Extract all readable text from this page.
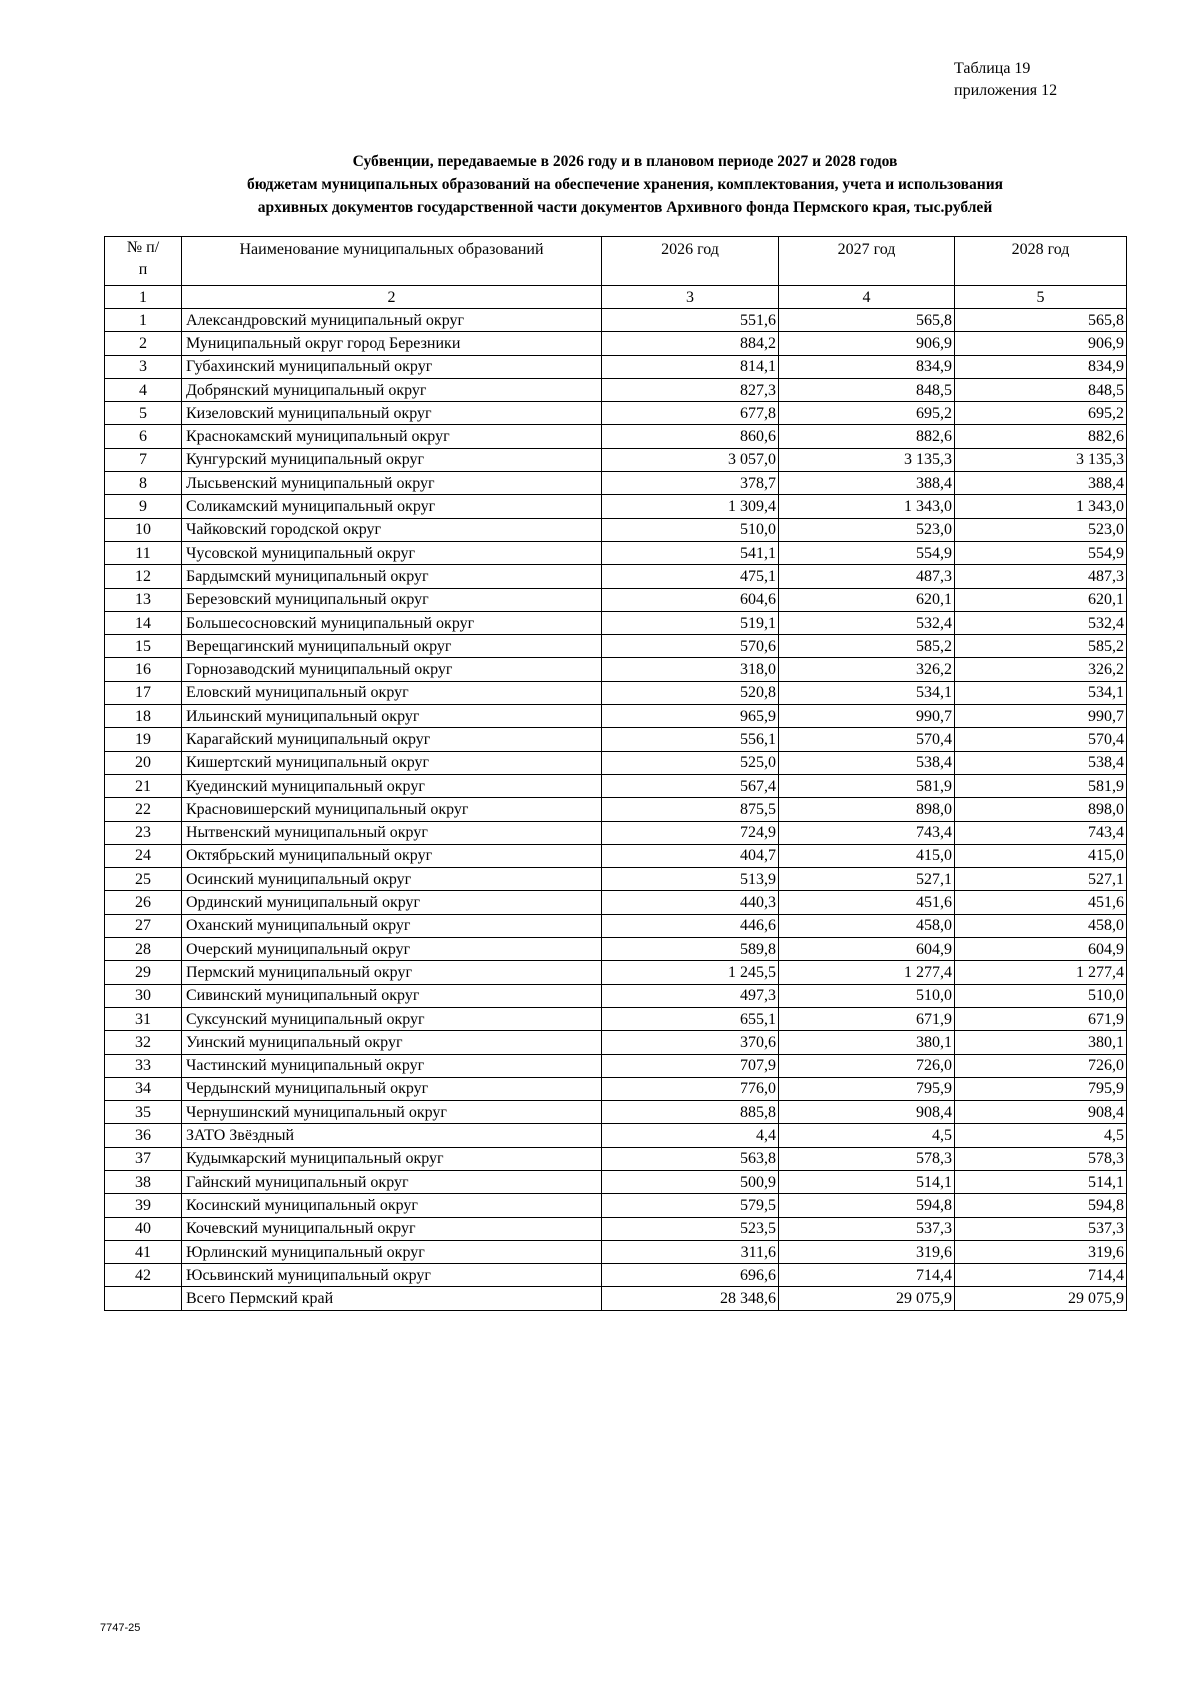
Таблица 19
приложения 12
Субвенции, передаваемые в 2026 году и в плановом периоде 2027 и 2028 годов
бюджетам муниципальных образований на обеспечение хранения, комплектования, учета и использования
архивных документов государственной части документов Архивного фонда Пермского края, тыс.рублей
№ п/п	Наименование муниципальных образований	2026 год	2027 год	2028 год
1	2	3	4	5
1	Александровский муниципальный округ	551,6	565,8	565,8
2	Муниципальный округ город Березники	884,2	906,9	906,9
3	Губахинский муниципальный округ	814,1	834,9	834,9
4	Добрянский муниципальный округ	827,3	848,5	848,5
5	Кизеловский муниципальный округ	677,8	695,2	695,2
6	Краснокамский муниципальный округ	860,6	882,6	882,6
7	Кунгурский муниципальный округ	3 057,0	3 135,3	3 135,3
8	Лысьвенский муниципальный округ	378,7	388,4	388,4
9	Соликамский муниципальный округ	1 309,4	1 343,0	1 343,0
10	Чайковский городской округ	510,0	523,0	523,0
11	Чусовской муниципальный округ	541,1	554,9	554,9
12	Бардымский муниципальный округ	475,1	487,3	487,3
13	Березовский муниципальный округ	604,6	620,1	620,1
14	Большесосновский муниципальный округ	519,1	532,4	532,4
15	Верещагинский муниципальный округ	570,6	585,2	585,2
16	Горнозаводский муниципальный округ	318,0	326,2	326,2
17	Еловский муниципальный округ	520,8	534,1	534,1
18	Ильинский муниципальный округ	965,9	990,7	990,7
19	Карагайский муниципальный округ	556,1	570,4	570,4
20	Кишертский муниципальный округ	525,0	538,4	538,4
21	Куединский муниципальный округ	567,4	581,9	581,9
22	Красновишерский муниципальный округ	875,5	898,0	898,0
23	Нытвенский муниципальный округ	724,9	743,4	743,4
24	Октябрьский муниципальный округ	404,7	415,0	415,0
25	Осинский муниципальный округ	513,9	527,1	527,1
26	Ординский муниципальный округ	440,3	451,6	451,6
27	Оханский муниципальный округ	446,6	458,0	458,0
28	Очерский муниципальный округ	589,8	604,9	604,9
29	Пермский муниципальный округ	1 245,5	1 277,4	1 277,4
30	Сивинский муниципальный округ	497,3	510,0	510,0
31	Суксунский муниципальный округ	655,1	671,9	671,9
32	Уинский муниципальный округ	370,6	380,1	380,1
33	Частинский муниципальный округ	707,9	726,0	726,0
34	Чердынский муниципальный округ	776,0	795,9	795,9
35	Чернушинский муниципальный округ	885,8	908,4	908,4
36	ЗАТО Звёздный	4,4	4,5	4,5
37	Кудымкарский муниципальный округ	563,8	578,3	578,3
38	Гайнский муниципальный округ	500,9	514,1	514,1
39	Косинский муниципальный округ	579,5	594,8	594,8
40	Кочевский муниципальный округ	523,5	537,3	537,3
41	Юрлинский муниципальный округ	311,6	319,6	319,6
42	Юсьвинский муниципальный округ	696,6	714,4	714,4
	Всего Пермский край	28 348,6	29 075,9	29 075,9
7747-25
